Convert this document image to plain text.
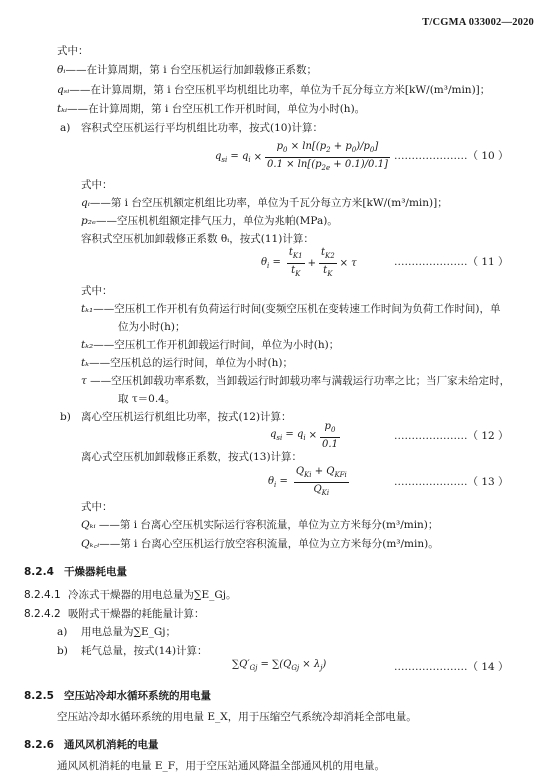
T/CGMA 033002—2020
式中：
θᵢ——在计算周期，第 i 台空压机运行加卸载修正系数；
qₛᵢ——在计算周期，第 i 台空压机平均机组比功率，单位为千瓦分每立方米[kW/(m³/min)]；
tₖᵢ——在计算周期，第 i 台空压机工作开机时间，单位为小时(h)。
a) 容积式空压机运行平均机组比功率，按式(10)计算：
$q_{si} = q_i \times \frac{p_0 \times \ln[(p_2 + p_0)/p_0]}{0.1 \times \ln[(p_{2e} + 0.1)/0.1]}$ …………………（ 10 ）
式中：
qᵢ——第 i 台空压机额定机组比功率，单位为千瓦分每立方米[kW/(m³/min)]；
p₂ₑ——空压机机组额定排气压力，单位为兆帕(MPa)。
容积式空压机加卸载修正系数 θᵢ，按式(11)计算：
$\theta_i = \frac{t_{K1}}{t_K} + \frac{t_{K2}}{t_K} \times \tau$	…………………（ 11 ）
式中：
tₖ₁——空压机工作开机有负荷运行时间(变频空压机在变转速工作时间为负荷工作时间)，单
位为小时(h)；
tₖ₂——空压机工作开机卸载运行时间，单位为小时(h)；
tₖ——空压机总的运行时间，单位为小时(h)；
τ ——空压机卸载功率系数，当卸载运行时卸载功率与满载运行功率之比；当厂家未给定时，
取 τ＝0.4。
b) 离心空压机运行机组比功率，按式(12)计算：
$q_{si} = q_i \times \frac{p_0}{0.1}$	…………………（ 12 ）
离心式空压机加卸载修正系数，按式(13)计算：
$\theta_i = \frac{Q_{Ki} + Q_{KFi}}{Q_{Ki}}$	…………………（ 13 ）
式中：
Qₖᵢ ——第 i 台离心空压机实际运行容积流量，单位为立方米每分(m³/min)；
Qₖ꜀ᵢ——第 i 台离心空压机运行放空容积流量，单位为立方米每分(m³/min)。
8.2.4 干燥器耗电量
8.2.4.1 冷冻式干燥器的用电总量为∑E_Gj。
8.2.4.2 吸附式干燥器的耗能量计算：
a) 用电总量为∑E_Gj；
b) 耗气总量，按式(14)计算：
$\sum Q'_{Gj} = \sum(Q_{Gj} \times \lambda_j)$	…………………（ 14 ）
8.2.5 空压站冷却水循环系统的用电量
空压站冷却水循环系统的用电量 E_X，用于压缩空气系统冷却消耗全部电量。
8.2.6 通风风机消耗的电量
通风风机消耗的电量 E_F，用于空压站通风降温全部通风机的用电量。
